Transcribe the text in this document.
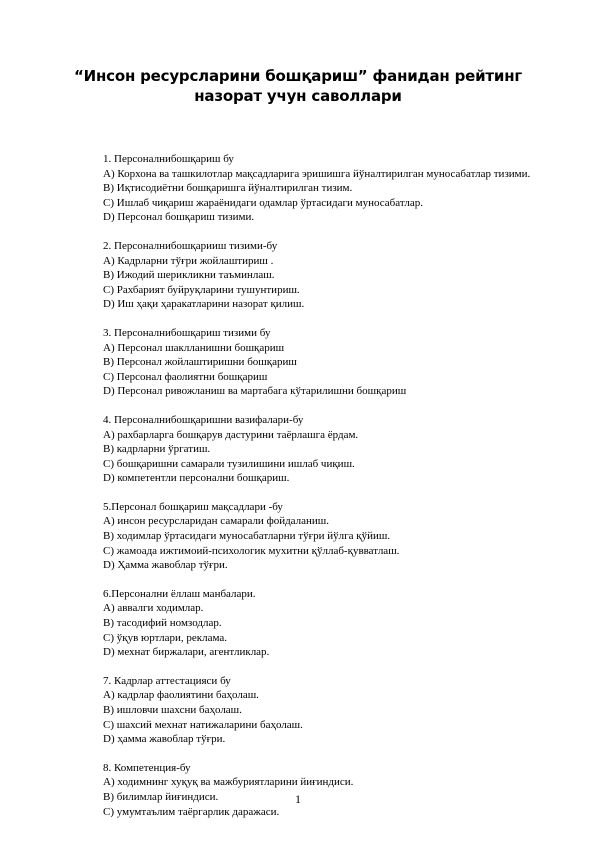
“Инсон ресурсларини бошқариш” фанидан рейтинг
назорат учун саволлари
1. Персоналнибошқариш бу
А) Корхона ва ташкилотлар мақсадларига эришишга йўналтирилган муносабатлар тизими.
B) Иқтисодиётни бошқаришга йўналтирилган тизим.
C) Ишлаб чиқариш жараёнидаги одамлар ўртасидаги муносабатлар.
D) Персонал бошқариш тизими.
2. Персоналнибошқарииш тизими-бу
А) Кадрларни тўғри жойлаштириш .
B) Ижодий шерикликни таъминлаш.
C) Рахбарият буйруқларини тушунтириш.
D) Иш ҳақи ҳаракатларини назорат қилиш.
3. Персоналнибошқариш тизими бу
А) Персонал шаклланишни бошқариш
B) Персонал жойлаштиришни бошқариш
C) Персонал фаолиятни бошқариш
D) Персонал ривожланиш ва мартабага кўтарилишни бошқариш
4. Персоналнибошқаришни вазифалари-бу
А) рахбарларга бошқарув дастурини таёрлашга ёрдам.
B) кадрларни ўргатиш.
C) бошқаришни самарали тузилишини ишлаб чиқиш.
D) компетентли персонални бошқариш.
5.Персонал бошқариш мақсадлари -бу
А) инсон ресурсларидан самарали фойдаланиш.
B) ходимлар ўртасидаги муносабатларни тўғри йўлга қўйиш.
C) жамоада ижтимоий-психологик мухитни қўллаб-қувватлаш.
D) Ҳамма жавоблар тўғри.
6.Персонални ёллаш манбалари.
А) аввалги ходимлар.
B) тасодифий номзодлар.
C) ўқув юртлари, реклама.
D) мехнат биржалари, агентликлар.
7. Кадрлар аттестацияси бу
А) кадрлар фаолиятини баҳолаш.
B) ишловчи шахсни баҳолаш.
C) шахсий мехнат натижаларини баҳолаш.
D) ҳамма жавоблар тўғри.
8. Компетенция-бу
А) ходимнинг хуқуқ ва мажбуриятларини йиғиндиси.
B) билимлар йиғиндиси.
C) умумтаълим таёргарлик даражаси.
1
